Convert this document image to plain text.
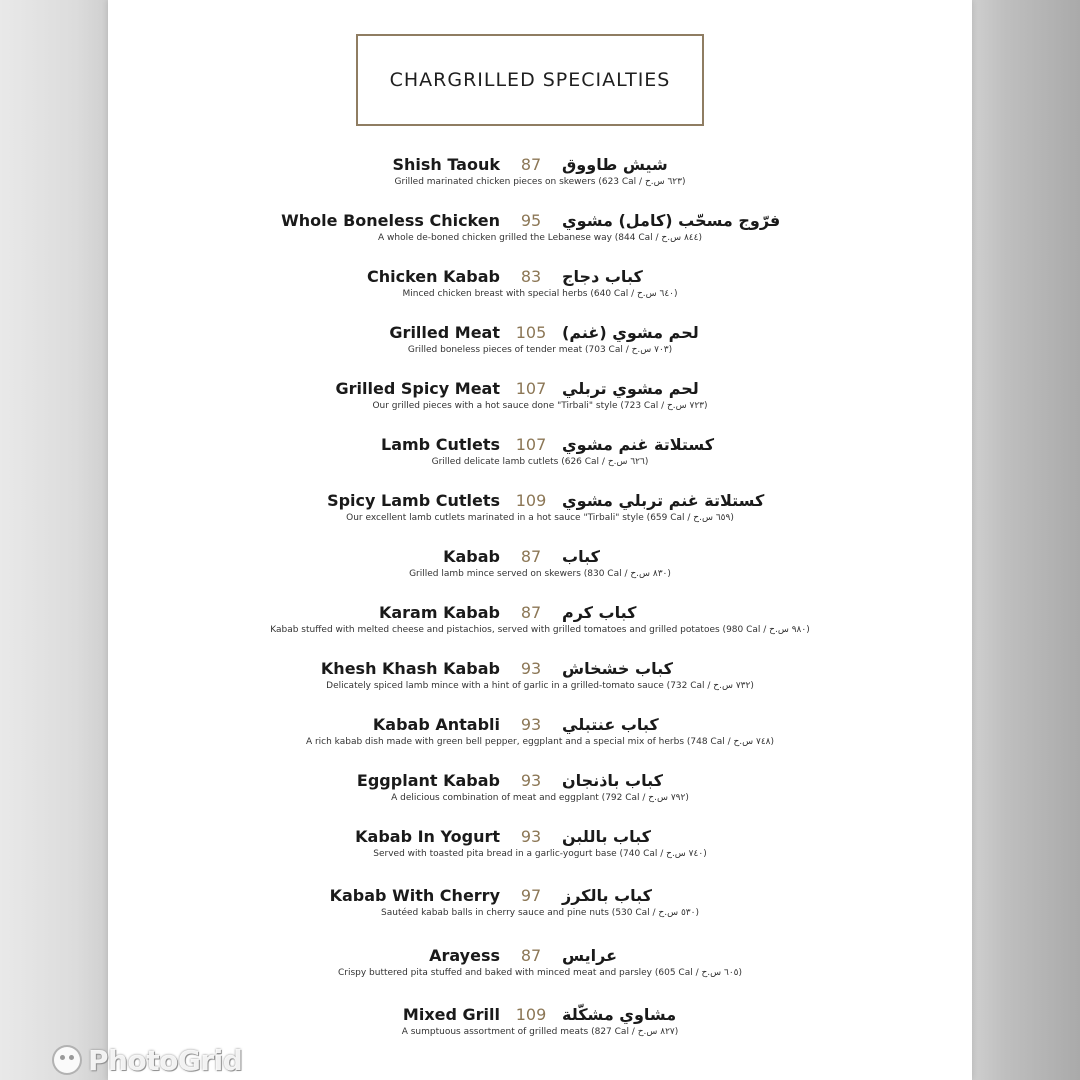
CHARGRILLED SPECIALTIES
Shish Taouk	87	شيش طاووق
Grilled marinated chicken pieces on skewers (623 Cal / ٦٢٣ س.ح)
Whole Boneless Chicken	95	فرّوج مسحّب (كامل) مشوي
A whole de-boned chicken grilled the Lebanese way (844 Cal / ٨٤٤ س.ح)
Chicken Kabab	83	كباب دجاج
Minced chicken breast with special herbs (640 Cal / ٦٤٠ س.ح)
Grilled Meat 105 لحم مشوي (غنم)
Grilled boneless pieces of tender meat (703 Cal / ٧٠٣ س.ح)
Grilled Spicy Meat 107 لحم مشوي تربلي
Our grilled pieces with a hot sauce done "Tirbali" style (723 Cal / ٧٢٣ س.ح)
Lamb Cutlets 107 كستلاتة غنم مشوي
Grilled delicate lamb cutlets (626 Cal / ٦٢٦ س.ح)
Spicy Lamb Cutlets 109 كستلاتة غنم تربلي مشوي
Our excellent lamb cutlets marinated in a hot sauce "Tirbali" style (659 Cal / ٦٥٩ س.ح)
Kabab	87	كباب
Grilled lamb mince served on skewers (830 Cal / ٨٣٠ س.ح)
Karam Kabab	87	كباب كرم
Kabab stuffed with melted cheese and pistachios, served with grilled tomatoes and grilled potatoes (980 Cal / ٩٨٠ س.ح)
Khesh Khash Kabab	93	كباب خشخاش
Delicately spiced lamb mince with a hint of garlic in a grilled-tomato sauce (732 Cal / ٧٣٢ س.ح)
Kabab Antabli	93	كباب عنتبلي
A rich kabab dish made with green bell pepper, eggplant and a special mix of herbs (748 Cal / ٧٤٨ س.ح)
Eggplant Kabab	93	كباب باذنجان
A delicious combination of meat and eggplant (792 Cal / ٧٩٢ س.ح)
Kabab In Yogurt	93	كباب باللبن
Served with toasted pita bread in a garlic-yogurt base (740 Cal / ٧٤٠ س.ح)
Kabab With Cherry	97	كباب بالكرز
Sautéed kabab balls in cherry sauce and pine nuts (530 Cal / ٥٣٠ س.ح)
Arayess	87	عرايس
Crispy buttered pita stuffed and baked with minced meat and parsley (605 Cal / ٦٠٥ س.ح)
Mixed Grill 109 مشاوي مشكّلة
A sumptuous assortment of grilled meats (827 Cal / ٨٢٧ س.ح)
PhotoGrid
